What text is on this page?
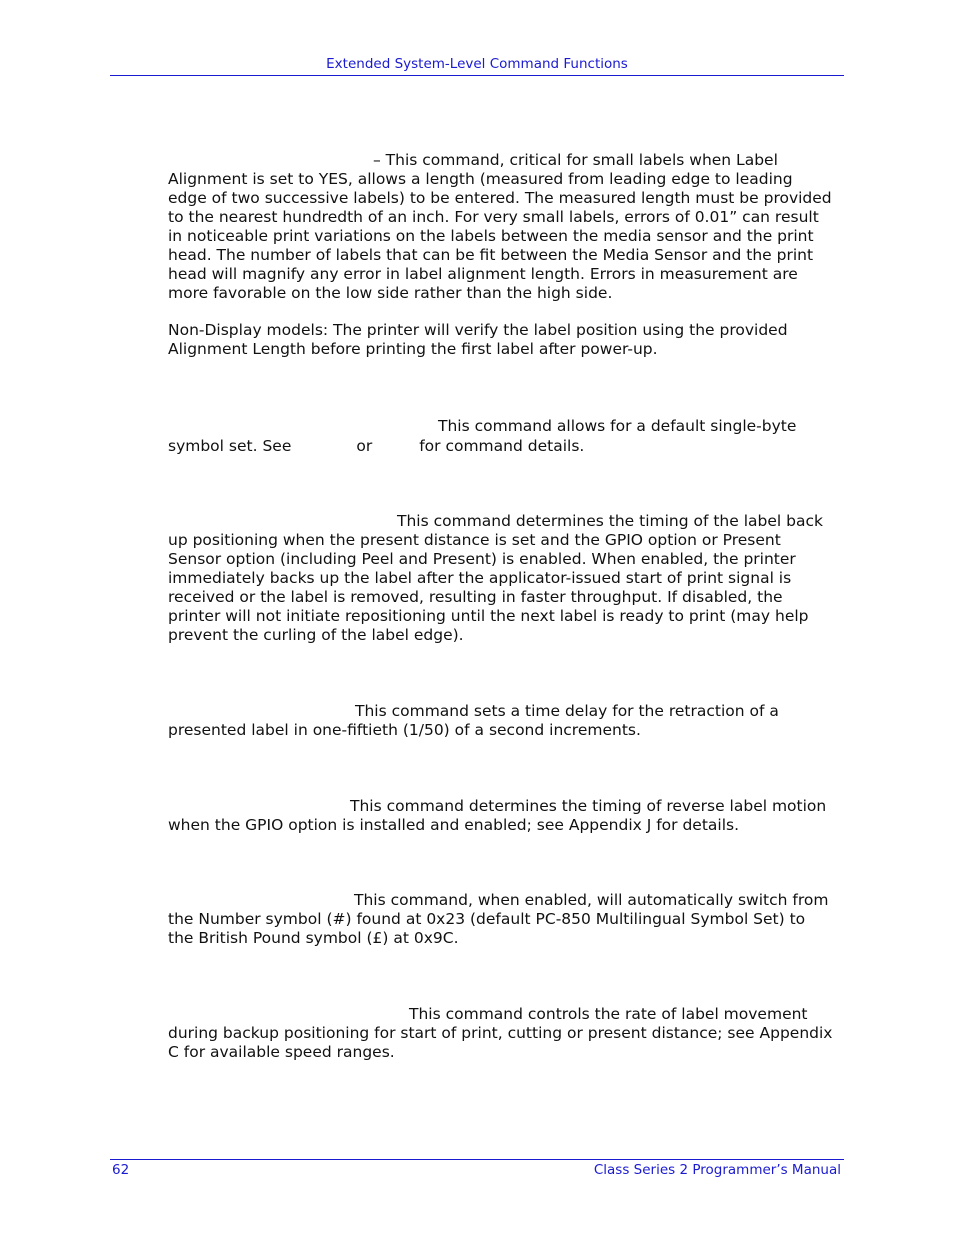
Extended System-Level Command Functions

– This command, critical for small labels when Label
Alignment is set to YES, allows a length (measured from leading edge to leading
edge of two successive labels) to be entered. The measured length must be provided
to the nearest hundredth of an inch. For very small labels, errors of 0.01” can result
in noticeable print variations on the labels between the media sensor and the print
head. The number of labels that can be fit between the Media Sensor and the print
head will magnify any error in label alignment length. Errors in measurement are
more favorable on the low side rather than the high side.

Non-Display models: The printer will verify the label position using the provided
Alignment Length before printing the first label after power-up.

This command allows for a default single-byte
symbol set. See	or	for command details.

This command determines the timing of the label back
up positioning when the present distance is set and the GPIO option or Present
Sensor option (including Peel and Present) is enabled. When enabled, the printer
immediately backs up the label after the applicator-issued start of print signal is
received or the label is removed, resulting in faster throughput. If disabled, the
printer will not initiate repositioning until the next label is ready to print (may help
prevent the curling of the label edge).

This command sets a time delay for the retraction of a
presented label in one-fiftieth (1/50) of a second increments.

This command determines the timing of reverse label motion
when the GPIO option is installed and enabled; see Appendix J for details.

This command, when enabled, will automatically switch from
the Number symbol (#) found at 0x23 (default PC-850 Multilingual Symbol Set) to
the British Pound symbol (£) at 0x9C.

This command controls the rate of label movement
during backup positioning for start of print, cutting or present distance; see Appendix
C for available speed ranges.

62	Class Series 2 Programmer’s Manual
